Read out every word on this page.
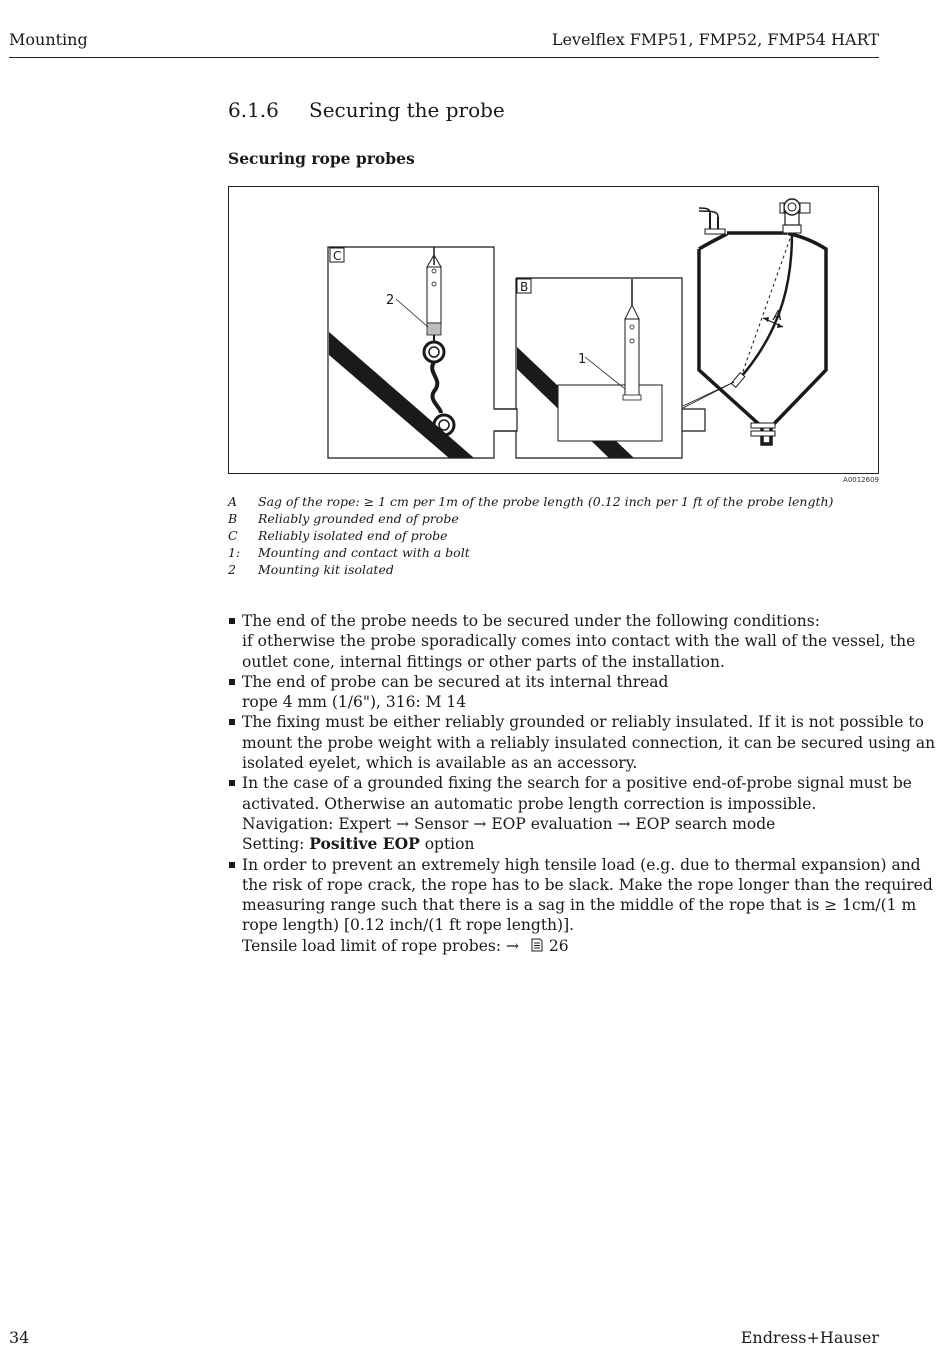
Mounting	Levelflex FMP51, FMP52, FMP54 HART
6.1.6 Securing the probe
Securing rope probes
C
2
B
1
A
A0012609
A Sag of the rope: ≥ 1 cm per 1m of the probe length (0.12 inch per 1 ft of the probe length)
B Reliably grounded end of probe
C Reliably isolated end of probe
1: Mounting and contact with a bolt
2 Mounting kit isolated
The end of the probe needs to be secured under the following conditions:
if otherwise the probe sporadically comes into contact with the wall of the vessel, the
outlet cone, internal fittings or other parts of the installation.
The end of probe can be secured at its internal thread
rope 4 mm (1/6"), 316: M 14
The fixing must be either reliably grounded or reliably insulated. If it is not possible to
mount the probe weight with a reliably insulated connection, it can be secured using an
isolated eyelet, which is available as an accessory.
In the case of a grounded fixing the search for a positive end-of-probe signal must be
activated. Otherwise an automatic probe length correction is impossible.
Navigation: Expert → Sensor → EOP evaluation → EOP search mode
Setting: Positive EOP option
In order to prevent an extremely high tensile load (e.g. due to thermal expansion) and
the risk of rope crack, the rope has to be slack. Make the rope longer than the required
measuring range such that there is a sag in the middle of the rope that is ≥ 1cm/(1 m
rope length) [0.12 inch/(1 ft rope length)].
Tensile load limit of rope probes: → 26
34	Endress+Hauser
